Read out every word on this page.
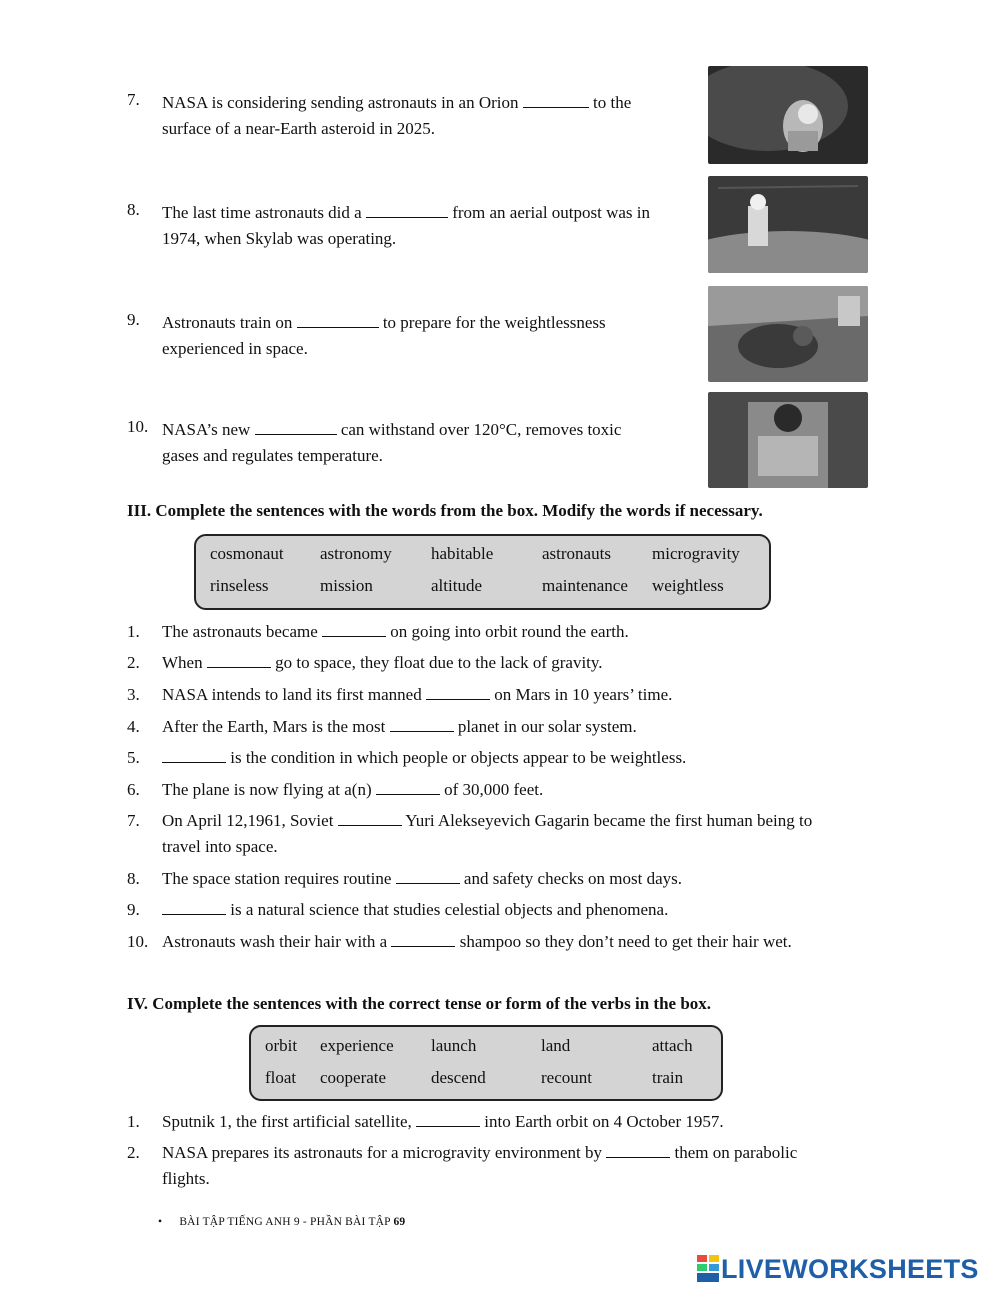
7.	NASA is considering sending astronauts in an Orion	to the
surface of a near-Earth asteroid in 2025.
8.	The last time astronauts did a	from an aerial outpost was in
1974, when Skylab was operating.
9.	Astronauts train on	to prepare for the weightlessness
experienced in space.
10. NASA’s new	can withstand over 120°C, removes toxic
gases and regulates temperature.
III. Complete the sentences with the words from the box. Modify the words if necessary.
cosmonaut astronomy habitable	astronauts microgravity
rinseless	mission	altitude	maintenance weightless
1.	The astronauts became	on going into orbit round the earth.
2.	When	go to space, they float due to the lack of gravity.
3.	NASA intends to land its first manned	on Mars in 10 years’ time.
4.	After the Earth, Mars is the most	planet in our solar system.
5.	is the condition in which people or objects appear to be weightless.
6.	The plane is now flying at a(n)	of 30,000 feet.
7.	On April 12,1961, Soviet	Yuri Alekseyevich Gagarin became the first human being to
travel into space.
8.	The space station requires routine	and safety checks on most days.
9.	is a natural science that studies celestial objects and phenomena.
10. Astronauts wash their hair with a	shampoo so they don’t need to get their hair wet.
IV. Complete the sentences with the correct tense or form of the verbs in the box.
orbit experience launch	land	attach
float cooperate	descend	recount	train
1.	Sputnik 1, the first artificial satellite,	into Earth orbit on 4 October 1957.
2.	NASA prepares its astronauts for a microgravity environment by	them on parabolic
flights.
• BÀI TẬP TIẾNG ANH 9 - PHẦN BÀI TẬP 69
LIVEWORKSHEETS
